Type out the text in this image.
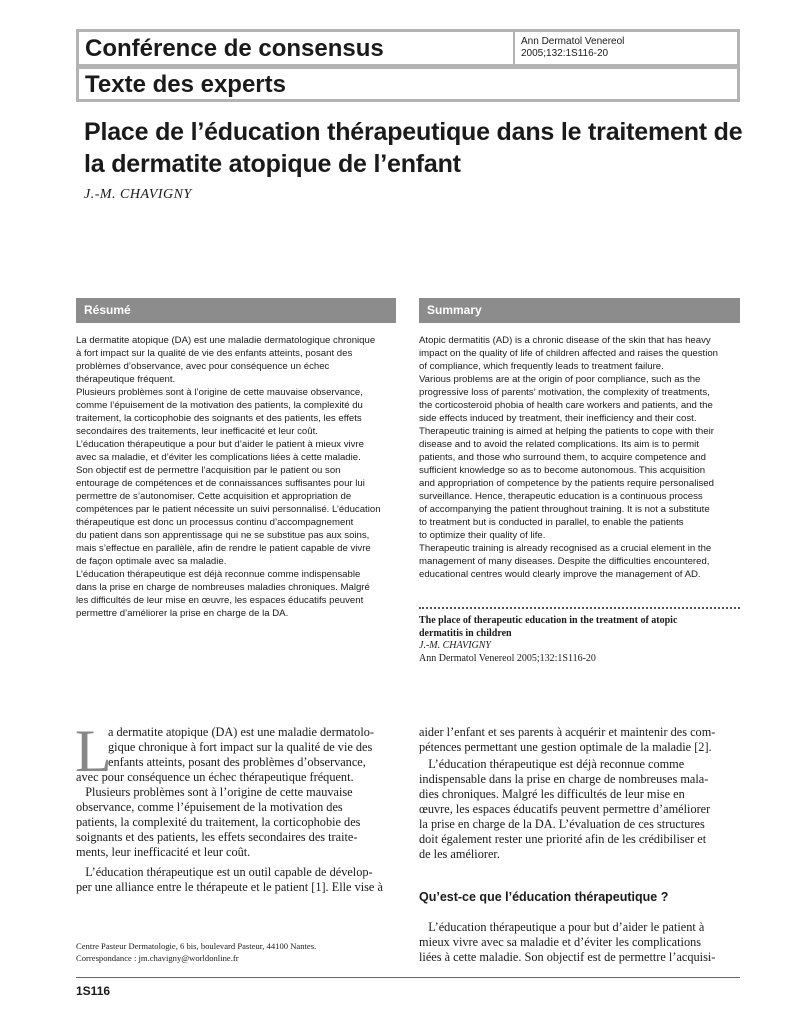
Conférence de consensus	Ann Dermatol Venereol
2005;132:1S116-20
Texte des experts
Place de l’éducation thérapeutique dans le traitement de la dermatite atopique de l’enfant
J.-M. CHAVIGNY
Résumé	Summary
La dermatite atopique (DA) est une maladie dermatologique chronique
à fort impact sur la qualité de vie des enfants atteints, posant des
problèmes d’observance, avec pour conséquence un échec
thérapeutique fréquent.
Plusieurs problèmes sont à l’origine de cette mauvaise observance,
comme l’épuisement de la motivation des patients, la complexité du
traitement, la corticophobie des soignants et des patients, les effets
secondaires des traitements, leur inefficacité et leur coût.
L’éducation thérapeutique a pour but d’aider le patient à mieux vivre
avec sa maladie, et d’éviter les complications liées à cette maladie.
Son objectif est de permettre l’acquisition par le patient ou son
entourage de compétences et de connaissances suffisantes pour lui
permettre de s’autonomiser. Cette acquisition et appropriation de
compétences par le patient nécessite un suivi personnalisé. L’éducation
thérapeutique est donc un processus continu d’accompagnement
du patient dans son apprentissage qui ne se substitue pas aux soins,
mais s’effectue en parallèle, afin de rendre le patient capable de vivre
de façon optimale avec sa maladie.
L’éducation thérapeutique est déjà reconnue comme indispensable
dans la prise en charge de nombreuses maladies chroniques. Malgré
les difficultés de leur mise en œuvre, les espaces éducatifs peuvent
permettre d’améliorer la prise en charge de la DA.
Atopic dermatitis (AD) is a chronic disease of the skin that has heavy
impact on the quality of life of children affected and raises the question
of compliance, which frequently leads to treatment failure.
Various problems are at the origin of poor compliance, such as the
progressive loss of parents’ motivation, the complexity of treatments,
the corticosteroid phobia of health care workers and patients, and the
side effects induced by treatment, their inefficiency and their cost.
Therapeutic training is aimed at helping the patients to cope with their
disease and to avoid the related complications. Its aim is to permit
patients, and those who surround them, to acquire competence and
sufficient knowledge so as to become autonomous. This acquisition
and appropriation of competence by the patients require personalised
surveillance. Hence, therapeutic education is a continuous process
of accompanying the patient throughout training. It is not a substitute
to treatment but is conducted in parallel, to enable the patients
to optimize their quality of life.
Therapeutic training is already recognised as a crucial element in the
management of many diseases. Despite the difficulties encountered,
educational centres would clearly improve the management of AD.
The place of therapeutic education in the treatment of atopic
dermatitis in children
J.-M. CHAVIGNY
Ann Dermatol Venereol 2005;132:1S116-20
L
a dermatite atopique (DA) est une maladie dermatolo-
gique chronique à fort impact sur la qualité de vie des
enfants atteints, posant des problèmes d’observance,
avec pour conséquence un échec thérapeutique fréquent.
Plusieurs problèmes sont à l’origine de cette mauvaise
observance, comme l’épuisement de la motivation des
patients, la complexité du traitement, la corticophobie des
soignants et des patients, les effets secondaires des traite-
ments, leur inefficacité et leur coût.
L’éducation thérapeutique est un outil capable de dévelop-
per une alliance entre le thérapeute et le patient [1]. Elle vise à
aider l’enfant et ses parents à acquérir et maintenir des com-
pétences permettant une gestion optimale de la maladie [2].
L’éducation thérapeutique est déjà reconnue comme
indispensable dans la prise en charge de nombreuses mala-
dies chroniques. Malgré les difficultés de leur mise en
œuvre, les espaces éducatifs peuvent permettre d’améliorer
la prise en charge de la DA. L’évaluation de ces structures
doit également rester une priorité afin de les crédibiliser et
de les améliorer.
Qu’est-ce que l’éducation thérapeutique ?
L’éducation thérapeutique a pour but d’aider le patient à
mieux vivre avec sa maladie et d’éviter les complications
liées à cette maladie. Son objectif est de permettre l’acquisi-
Centre Pasteur Dermatologie, 6 bis, boulevard Pasteur, 44100 Nantes.
Correspondance : jm.chavigny@worldonline.fr
1S116
